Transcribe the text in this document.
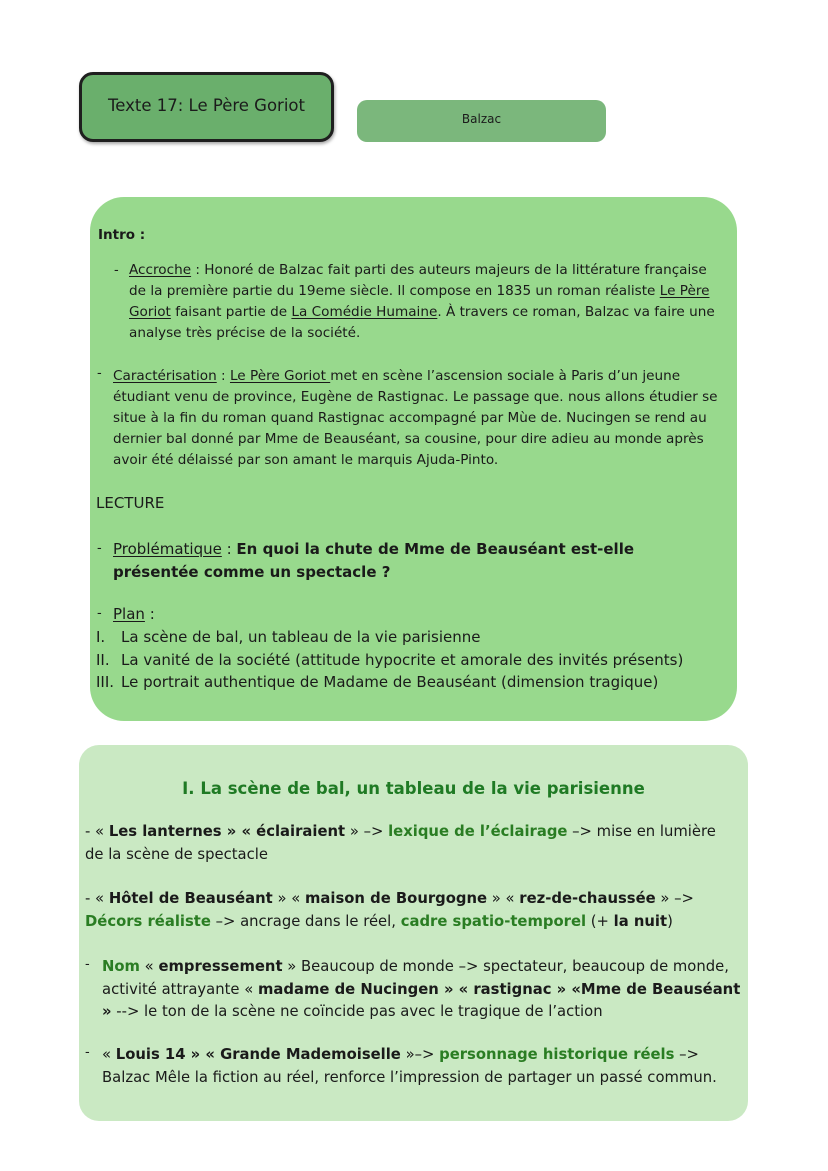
Texte 17: Le Père Goriot
Balzac
Intro :
- Accroche : Honoré de Balzac fait parti des auteurs majeurs de la littérature française de la première partie du 19eme siècle. Il compose en 1835 un roman réaliste Le Père Goriot faisant partie de La Comédie Humaine. À travers ce roman, Balzac va faire une analyse très précise de la société.

- Caractérisation : Le Père Goriot met en scène l’ascension sociale à Paris d’un jeune étudiant venu de province, Eugène de Rastignac. Le passage que. nous allons étudier se situe à la fin du roman quand Rastignac accompagné par Mùe de. Nucingen se rend au dernier bal donné par Mme de Beauséant, sa cousine, pour dire adieu au monde après avoir été délaissé par son amant le marquis Ajuda-Pinto.

LECTURE
- Problématique : En quoi la chute de Mme de Beauséant est-elle présentée comme un spectacle ?

- Plan :
I. La scène de bal, un tableau de la vie parisienne
II. La vanité de la société (attitude hypocrite et amorale des invités présents)
III. Le portrait authentique de Madame de Beauséant (dimension tragique)
I. La scène de bal, un tableau de la vie parisienne

- « Les lanternes » « éclairaient » –> lexique de l’éclairage –> mise en lumière de la scène de spectacle

- « Hôtel de Beauséant » « maison de Bourgogne » « rez-de-chaussée » –> Décors réaliste –> ancrage dans le réel, cadre spatio-temporel (+ la nuit)

- Nom « empressement » Beaucoup de monde –> spectateur, beaucoup de monde, activité attrayante « madame de Nucingen » « rastignac » «Mme de Beauséant » --> le ton de la scène ne coïncide pas avec le tragique de l’action

- « Louis 14 » « Grande Mademoiselle »–> personnage historique réels –> Balzac Mêle la fiction au réel, renforce l’impression de partager un passé commun.
